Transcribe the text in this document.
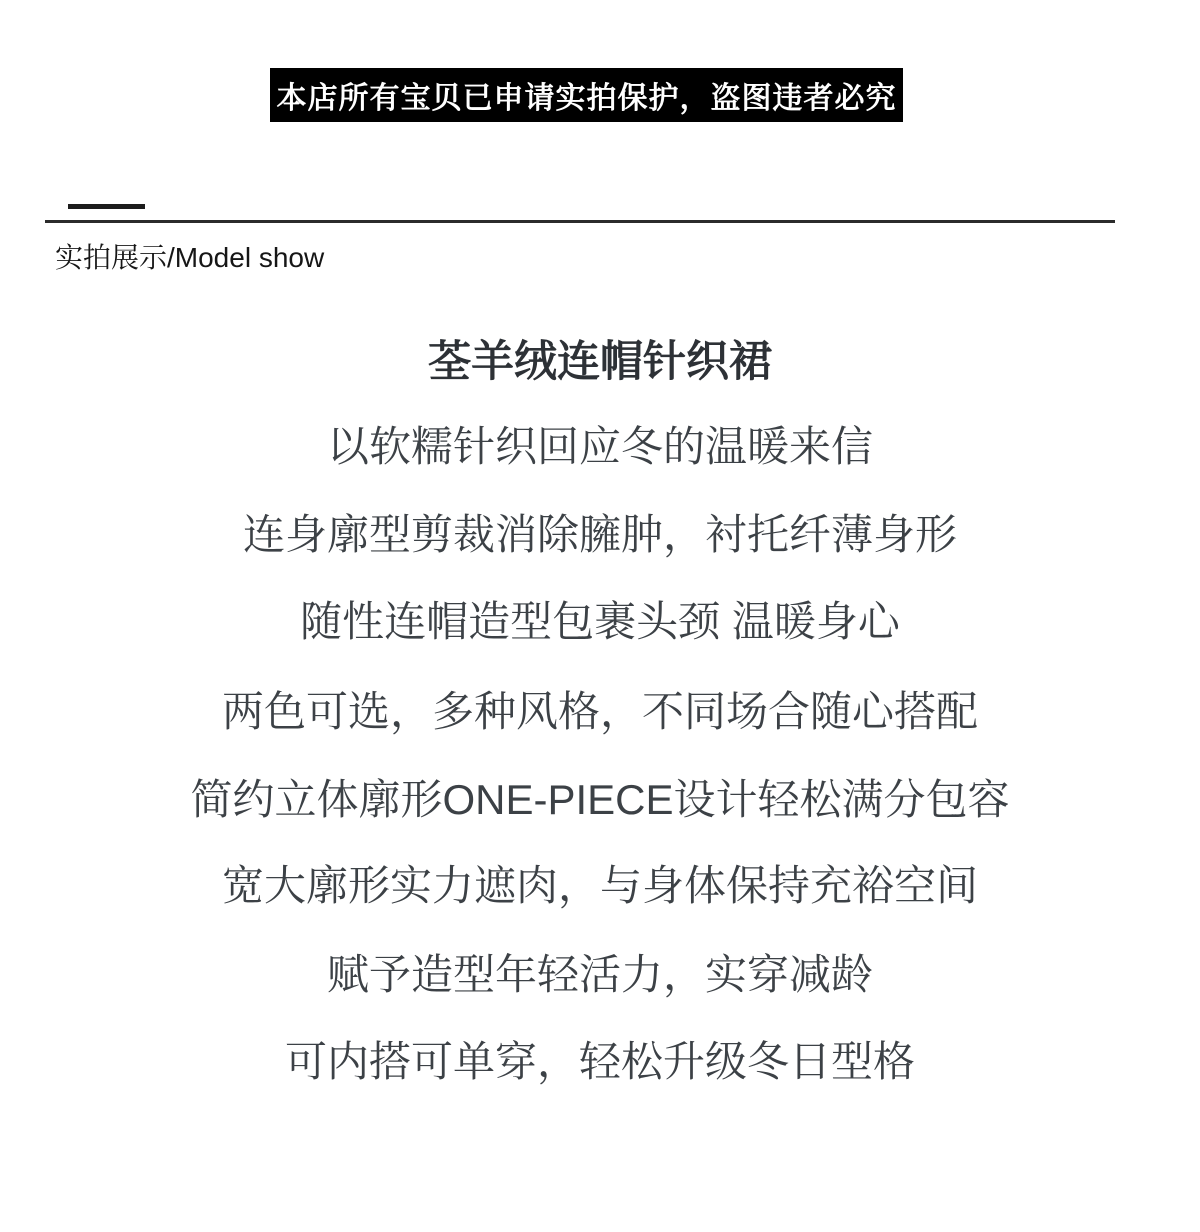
本店所有宝贝已申请实拍保护，盗图违者必究
实拍展示/Model show
荃羊绒连帽针织裙
以软糯针织回应冬的温暖来信
连身廓型剪裁消除臃肿，衬托纤薄身形
随性连帽造型包裹头颈 温暖身心
两色可选，多种风格，不同场合随心搭配
简约立体廓形ONE-PIECE设计轻松满分包容
宽大廓形实力遮肉，与身体保持充裕空间
赋予造型年轻活力，实穿减龄
可内搭可单穿，轻松升级冬日型格
